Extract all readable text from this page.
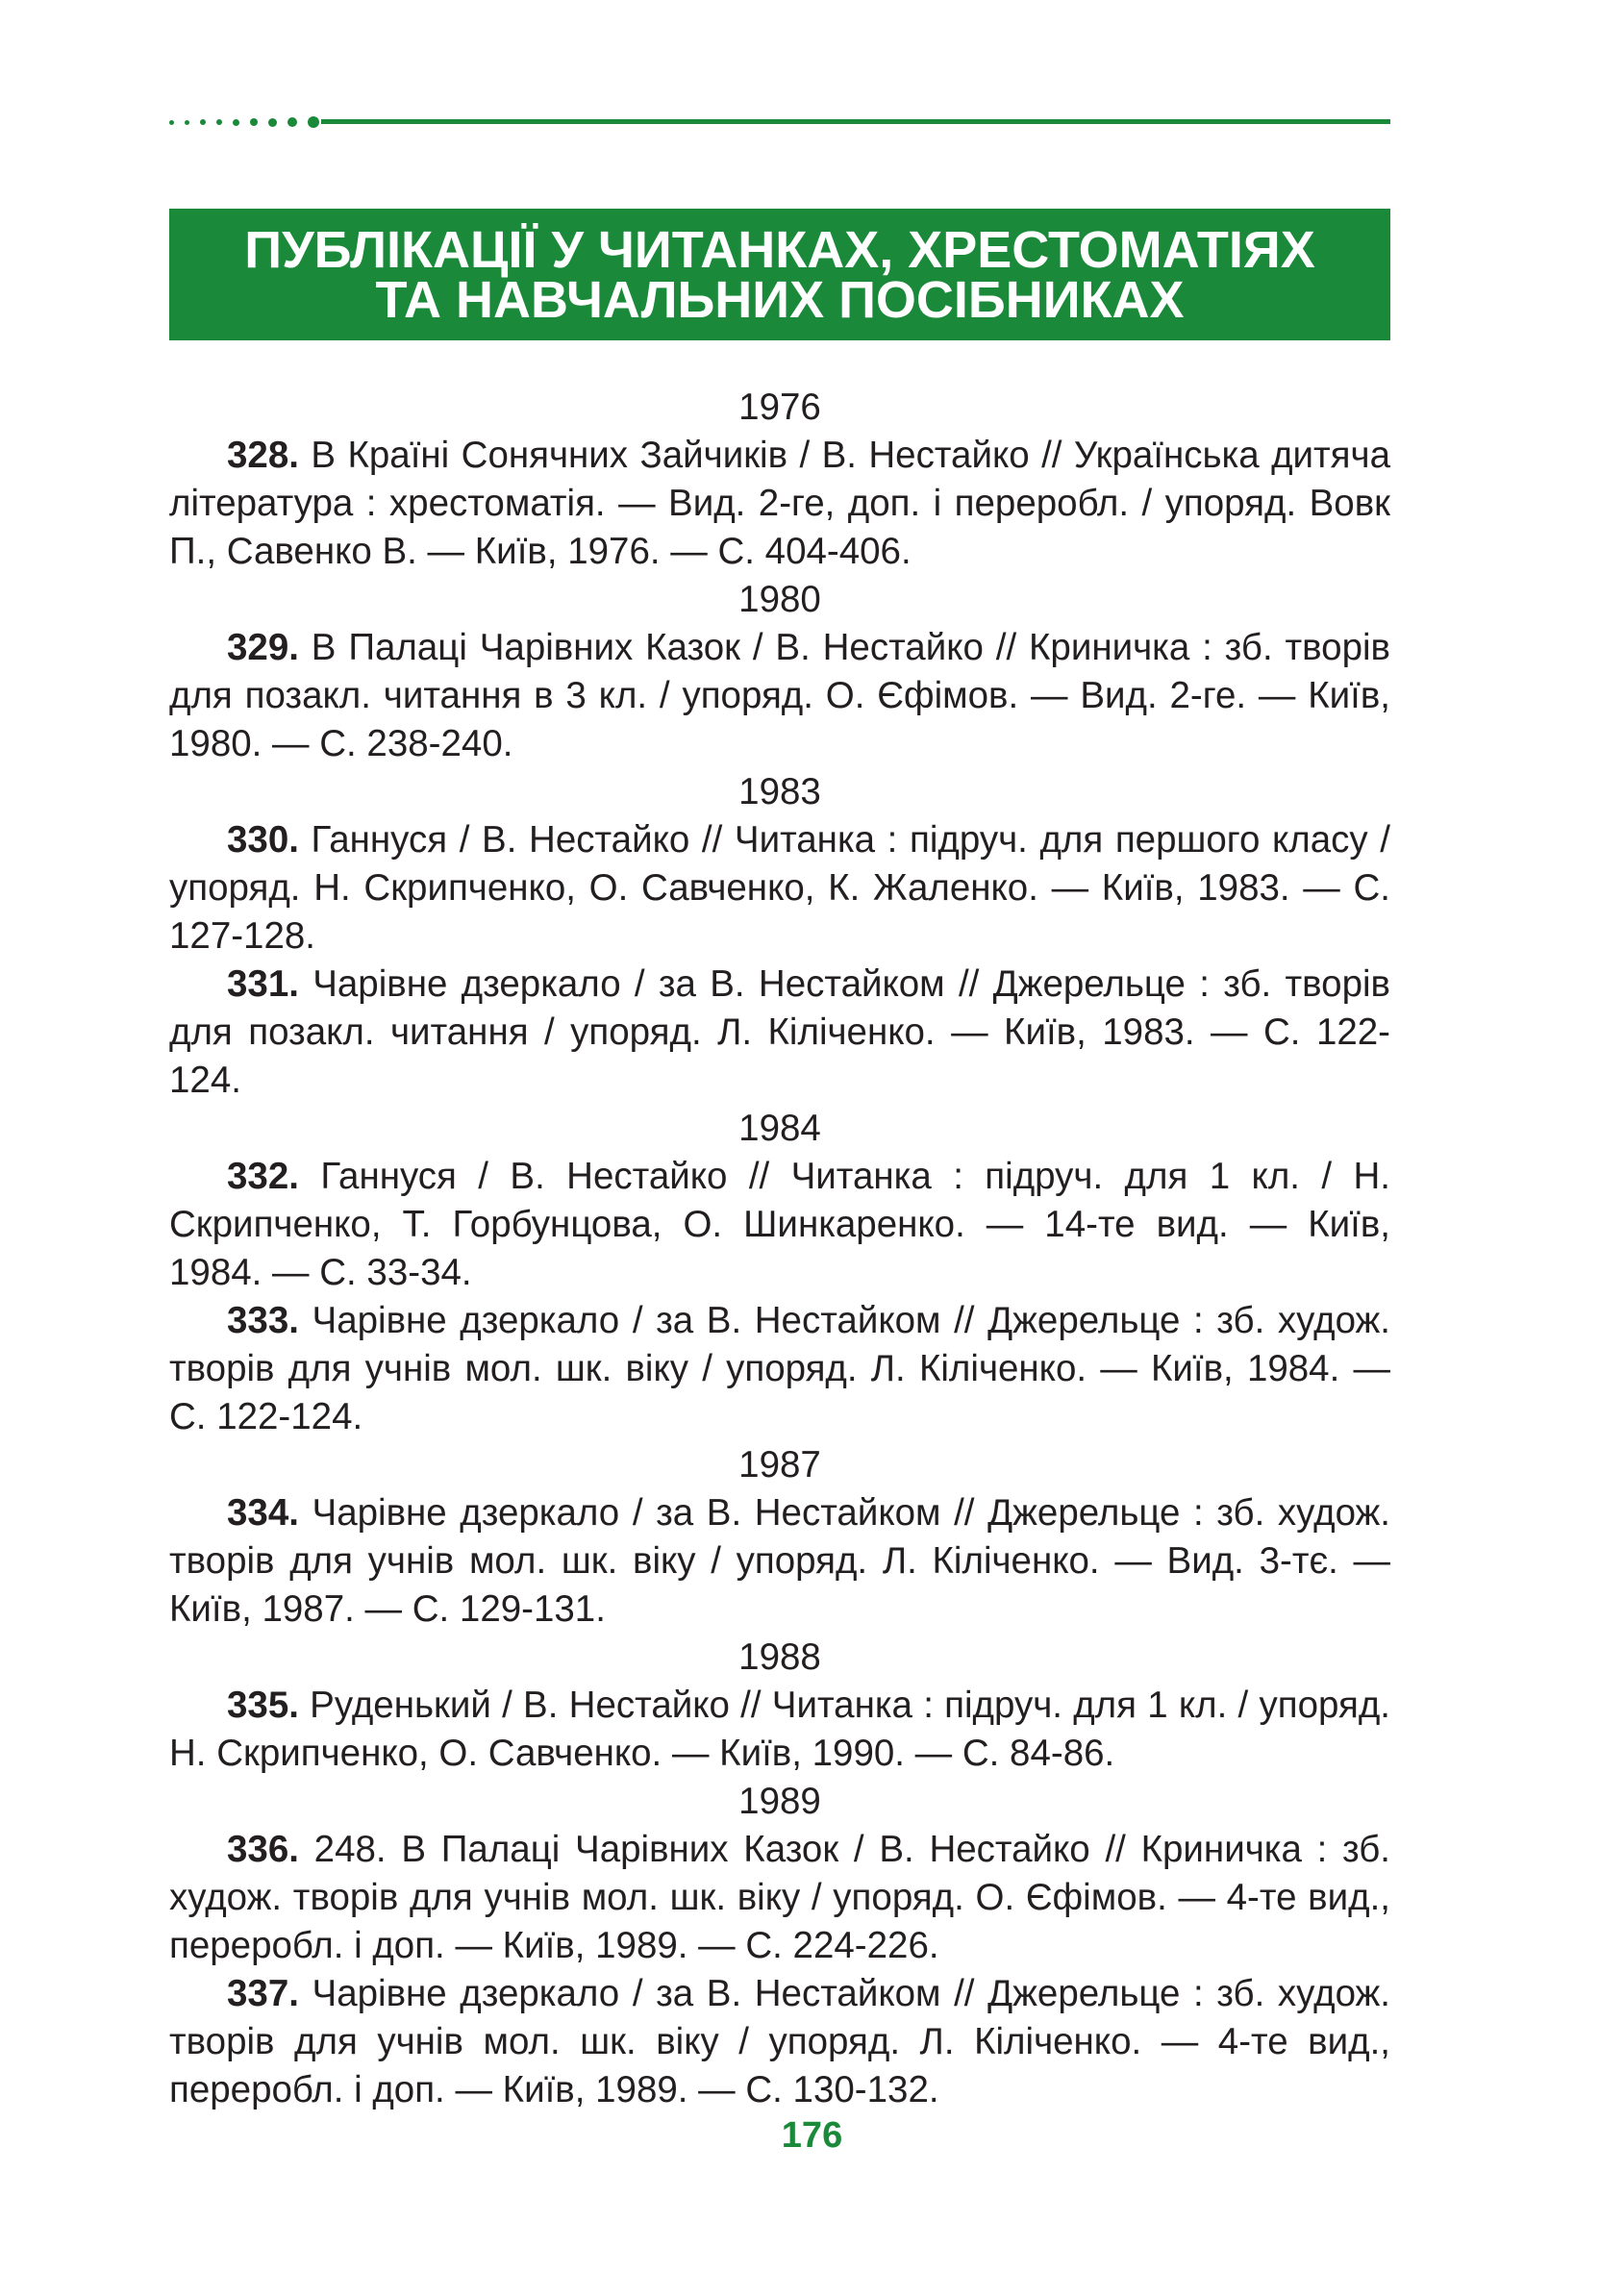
ПУБЛІКАЦІЇ У ЧИТАНКАХ, ХРЕСТОМАТІЯХ
ТА НАВЧАЛЬНИХ ПОСІБНИКАХ
1976
328. В Країні Сонячних Зайчиків / В. Нестайко // Українська дитяча література : хрестоматія. — Вид. 2-ге, доп. і переробл. / упоряд. Вовк П., Савенко В. — Київ, 1976. — С. 404-406.
1980
329. В Палаці Чарівних Казок / В. Нестайко // Криничка : зб. творів для позакл. читання в 3 кл. / упоряд. О. Єфімов. — Вид. 2-ге. — Київ, 1980. — С. 238-240.
1983
330. Ганнуся / В. Нестайко // Читанка : підруч. для першого класу / упоряд. Н. Скрипченко, О. Савченко, К. Жаленко. — Київ, 1983. — С. 127-128.
331. Чарівне дзеркало / за В. Нестайком // Джерельце : зб. творів для позакл. читання / упоряд. Л. Кіліченко. — Київ, 1983. — С. 122-124.
1984
332. Ганнуся / В. Нестайко // Читанка : підруч. для 1 кл. / Н. Скрипченко, Т. Горбунцова, О. Шинкаренко. — 14-те вид. — Київ, 1984. — С. 33-34.
333. Чарівне дзеркало / за В. Нестайком // Джерельце : зб. худож. творів для учнів мол. шк. віку / упоряд. Л. Кіліченко. — Київ, 1984. — С. 122-124.
1987
334. Чарівне дзеркало / за В. Нестайком // Джерельце : зб. худож. творів для учнів мол. шк. віку / упоряд. Л. Кіліченко. — Вид. 3-тє. — Київ, 1987. — С. 129-131.
1988
335. Руденький / В. Нестайко // Читанка : підруч. для 1 кл. / упоряд. Н. Скрипченко, О. Савченко. — Київ, 1990. — С. 84-86.
1989
336. 248. В Палаці Чарівних Казок / В. Нестайко // Криничка : зб. худож. творів для учнів мол. шк. віку / упоряд. О. Єфімов. — 4-те вид., переробл. і доп. — Київ, 1989. — С. 224-226.
337. Чарівне дзеркало / за В. Нестайком // Джерельце : зб. худож. творів для учнів мол. шк. віку / упоряд. Л. Кіліченко. — 4-те вид., переробл. і доп. — Київ, 1989. — С. 130-132.
176
